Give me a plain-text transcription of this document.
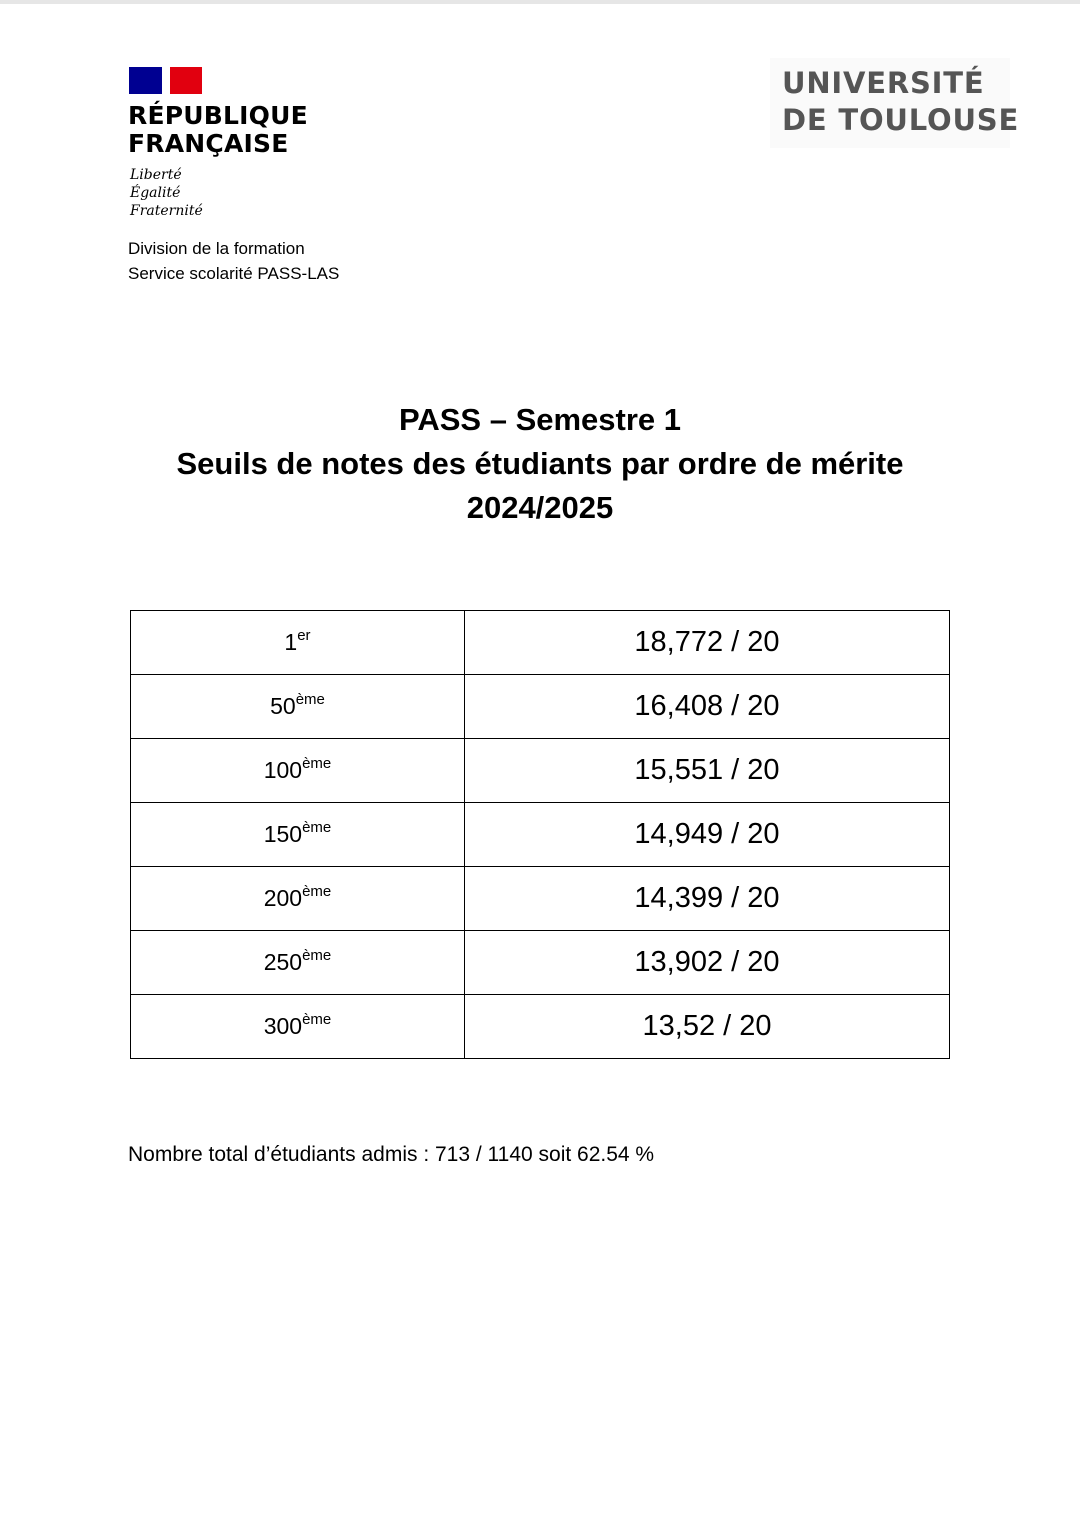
RÉPUBLIQUE
FRANÇAISE
Liberté
Égalité
Fraternité
Division de la formation
Service scolarité PASS-LAS
UNIVERSITÉ
DE TOULOUSE
PASS – Semestre 1
Seuils de notes des étudiants par ordre de mérite
2024/2025
1er	18,772 / 20
50ème	16,408 / 20
100ème	15,551 / 20
150ème	14,949 / 20
200ème	14,399 / 20
250ème	13,902 / 20
300ème	13,52 / 20
Nombre total d’étudiants admis : 713 / 1140 soit 62.54 %
